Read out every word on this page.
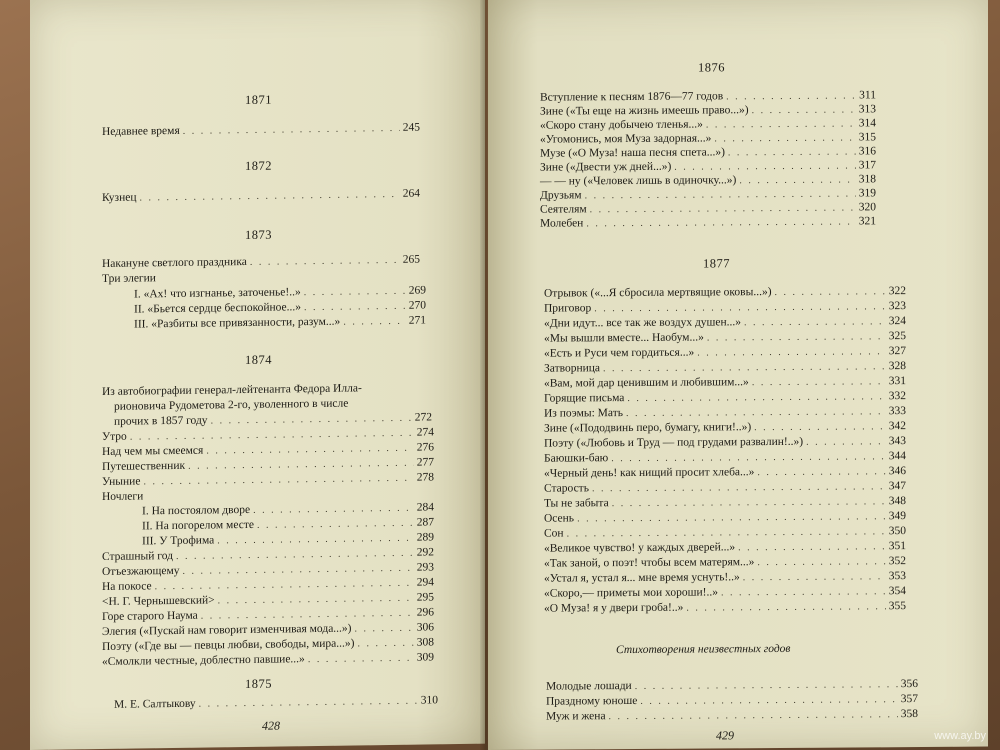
1871
Недавнее время . . .	245
1872
Кузнец . . .	264
1873
Накануне светлого праздника . . .	265
Три элегии
I. «Ах! что изгнанье, заточенье!..» . . .	269
II. «Бьется сердце беспокойное...» . . .	270
III. «Разбиты все привязанности, разум...» . . .	271
1874
Из автобиографии генерал-лейтенанта Федора Илла-
рионовича Рудометова 2-го, уволенного в числе
прочих в 1857 году . . .	272
Утро . . .	274
Над чем мы смеемся . . .	276
Путешественник . . .	277
Уныние . . .	278
Ночлеги
I. На постоялом дворе . . .	284
II. На погорелом месте . . .	287
III. У Трофима . . .	289
Страшный год . . .	292
Отъезжающему . . .	293
На покосе . . .	294
<Н. Г. Чернышевский> . . .	295
Горе старого Наума . . .	296
Элегия («Пускай нам говорит изменчивая мода...») . . .	306
Поэту («Где вы — певцы любви, свободы, мира...») . . .	308
«Смолкли честные, доблестно павшие...» . . .	309
1875
М. Е. Салтыкову . . .	310
428
1876
Вступление к песням 1876—77 годов . . .	311
Зине («Ты еще на жизнь имеешь право...») . . .	313
«Скоро стану добычею тленья...» . . .	314
«Угомонись, моя Муза задорная...» . . .	315
Музе («О Муза! наша песня спета...») . . .	316
Зине («Двести уж дней...») . . .	317
— — ну («Человек лишь в одиночку...») . . .	318
Друзьям . . .	319
Сеятелям . . .	320
Молебен . . .	321
1877
Отрывок («...Я сбросила мертвящие оковы...») . . .	322
Приговор . . .	323
«Дни идут... все так же воздух душен...» . . .	324
«Мы вышли вместе... Наобум...» . . .	325
«Есть и Руси чем гордиться...» . . .	327
Затворница . . .	328
«Вам, мой дар ценившим и любившим...» . . .	331
Горящие письма . . .	332
Из поэмы: Мать . . .	333
Зине («Пододвинь перо, бумагу, книги!..») . . .	342
Поэту («Любовь и Труд — под грудами развалин!..») . . .	343
Баюшки-баю . . .	344
«Черный день! как нищий просит хлеба...» . . .	346
Старость . . .	347
Ты не забыта . . .	348
Осень . . .	349
Сон . . .	350
«Великое чувство! у каждых дверей...» . . .	351
«Так заной, о поэт! чтобы всем матерям...» . . .	352
«Устал я, устал я... мне время уснуть!..» . . .	353
«Скоро,— приметы мои хороши!..» . . .	354
«О Муза! я у двери гроба!..» . . .	355
Стихотворения неизвестных годов
Молодые лошади . . .	356
Праздному юноше . . .	357
Муж и жена . . .	358
429	www.ay.by
